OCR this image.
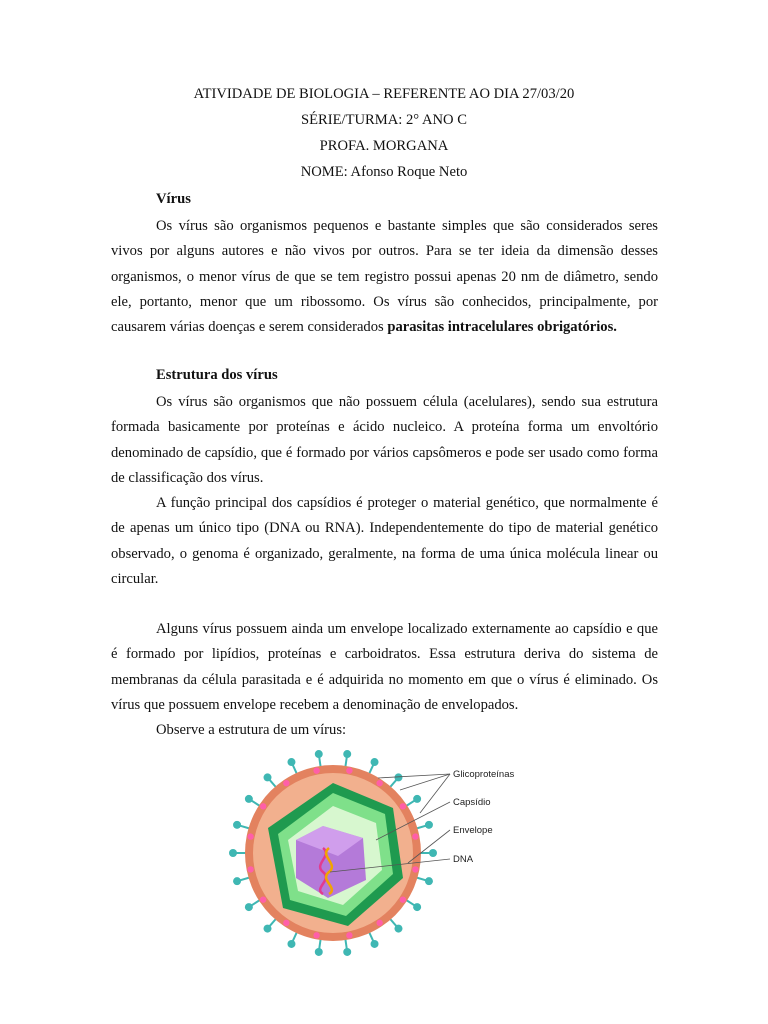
ATIVIDADE DE BIOLOGIA – REFERENTE AO DIA 27/03/20
SÉRIE/TURMA: 2° ANO C
PROFA. MORGANA
NOME: Afonso Roque Neto
Vírus

Os vírus são organismos pequenos e bastante simples que são considerados seres vivos por alguns autores e não vivos por outros. Para se ter ideia da dimensão desses organismos, o menor vírus de que se tem registro possui apenas 20 nm de diâmetro, sendo ele, portanto, menor que um ribossomo. Os vírus são conhecidos, principalmente, por causarem várias doenças e serem considerados parasitas intracelulares obrigatórios.

Estrutura dos vírus

Os vírus são organismos que não possuem célula (acelulares), sendo sua estrutura formada basicamente por proteínas e ácido nucleico. A proteína forma um envoltório denominado de capsídio, que é formado por vários capsômeros e pode ser usado como forma de classificação dos vírus.

A função principal dos capsídios é proteger o material genético, que normalmente é de apenas um único tipo (DNA ou RNA). Independentemente do tipo de material genético observado, o genoma é organizado, geralmente, na forma de uma única molécula linear ou circular.

Alguns vírus possuem ainda um envelope localizado externamente ao capsídio e que é formado por lipídios, proteínas e carboidratos. Essa estrutura deriva do sistema de membranas da célula parasitada e é adquirida no momento em que o vírus é eliminado. Os vírus que possuem envelope recebem a denominação de envelopados.

Observe a estrutura de um vírus:

Glicoproteínas
Capsídio
Envelope
DNA
